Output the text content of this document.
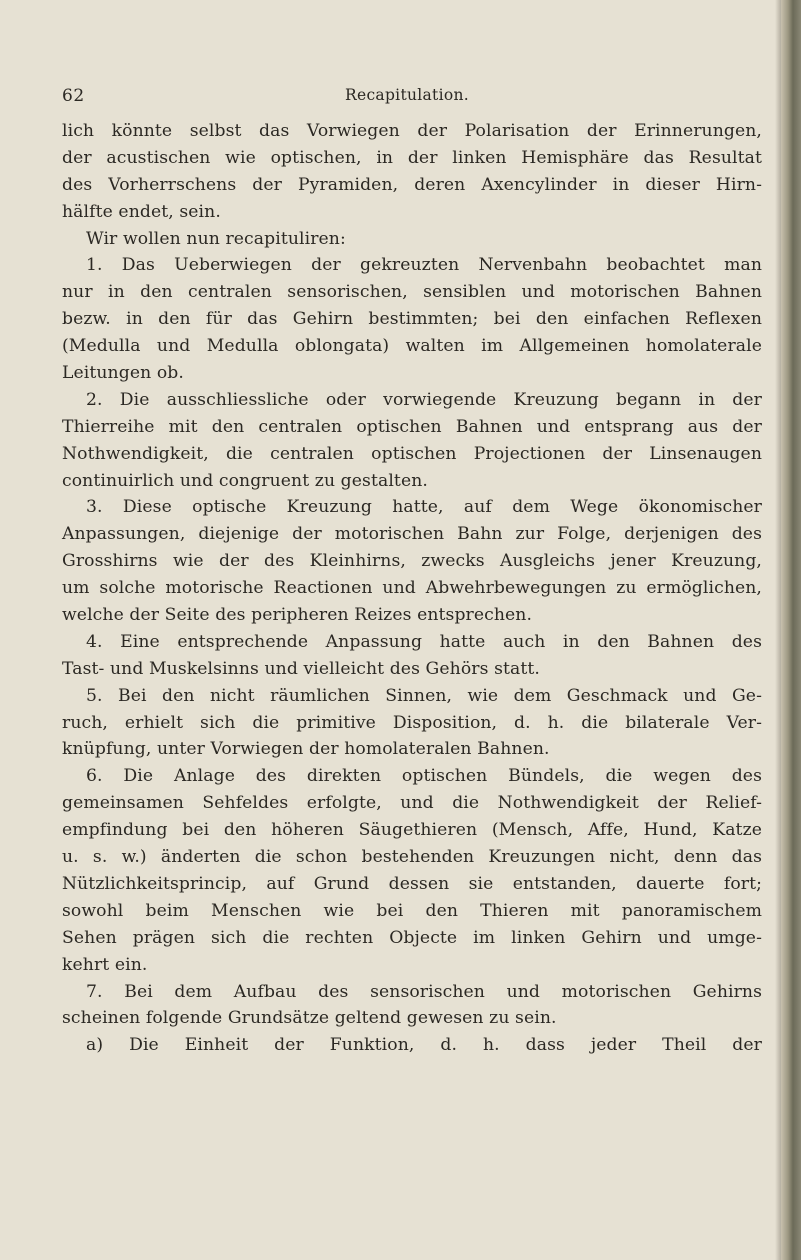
62	Recapitulation.
lich könnte selbst das Vorwiegen der Polarisation der Erinnerungen,
der acustischen wie optischen, in der linken Hemisphäre das Resultat
des Vorherrschens der Pyramiden, deren Axencylinder in dieser Hirn-
hälfte endet, sein.
Wir wollen nun recapituliren:
1. Das Ueberwiegen der gekreuzten Nervenbahn beobachtet man
nur in den centralen sensorischen, sensiblen und motorischen Bahnen
bezw. in den für das Gehirn bestimmten; bei den einfachen Reflexen
(Medulla und Medulla oblongata) walten im Allgemeinen homolaterale
Leitungen ob.
2. Die ausschliessliche oder vorwiegende Kreuzung begann in der
Thierreihe mit den centralen optischen Bahnen und entsprang aus der
Nothwendigkeit, die centralen optischen Projectionen der Linsenaugen
continuirlich und congruent zu gestalten.
3. Diese optische Kreuzung hatte, auf dem Wege ökonomischer
Anpassungen, diejenige der motorischen Bahn zur Folge, derjenigen des
Grosshirns wie der des Kleinhirns, zwecks Ausgleichs jener Kreuzung,
um solche motorische Reactionen und Abwehrbewegungen zu ermöglichen,
welche der Seite des peripheren Reizes entsprechen.
4. Eine entsprechende Anpassung hatte auch in den Bahnen des
Tast- und Muskelsinns und vielleicht des Gehörs statt.
5. Bei den nicht räumlichen Sinnen, wie dem Geschmack und Ge-
ruch, erhielt sich die primitive Disposition, d. h. die bilaterale Ver-
knüpfung, unter Vorwiegen der homolateralen Bahnen.
6. Die Anlage des direkten optischen Bündels, die wegen des
gemeinsamen Sehfeldes erfolgte, und die Nothwendigkeit der Relief-
empfindung bei den höheren Säugethieren (Mensch, Affe, Hund, Katze
u. s. w.) änderten die schon bestehenden Kreuzungen nicht, denn das
Nützlichkeitsprincip, auf Grund dessen sie entstanden, dauerte fort;
sowohl beim Menschen wie bei den Thieren mit panoramischem
Sehen prägen sich die rechten Objecte im linken Gehirn und umge-
kehrt ein.
7. Bei dem Aufbau des sensorischen und motorischen Gehirns
scheinen folgende Grundsätze geltend gewesen zu sein.
a) Die Einheit der Funktion, d. h. dass jeder Theil der
